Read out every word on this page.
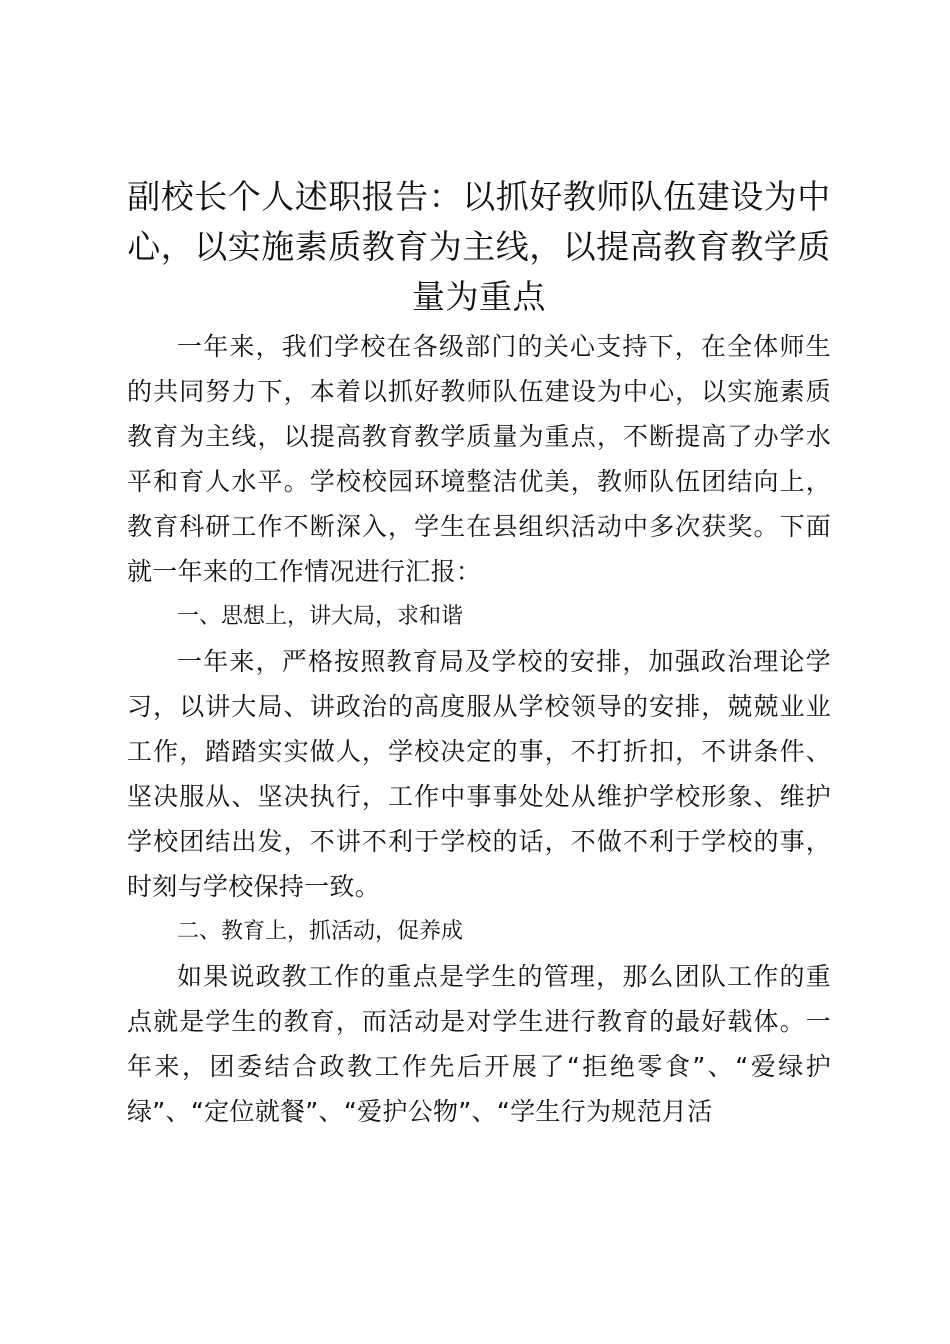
副校长个人述职报告：以抓好教师队伍建设为中心，以实施素质教育为主线，以提高教育教学质量为重点

一年来，我们学校在各级部门的关心支持下，在全体师生的共同努力下，本着以抓好教师队伍建设为中心，以实施素质教育为主线，以提高教育教学质量为重点，不断提高了办学水平和育人水平。学校校园环境整洁优美，教师队伍团结向上，教育科研工作不断深入，学生在县组织活动中多次获奖。下面就一年来的工作情况进行汇报：

一、思想上，讲大局，求和谐

一年来，严格按照教育局及学校的安排，加强政治理论学习，以讲大局、讲政治的高度服从学校领导的安排，兢兢业业工作，踏踏实实做人，学校决定的事，不打折扣，不讲条件、坚决服从、坚决执行，工作中事事处处从维护学校形象、维护学校团结出发，不讲不利于学校的话，不做不利于学校的事，时刻与学校保持一致。

二、教育上，抓活动，促养成

如果说政教工作的重点是学生的管理，那么团队工作的重点就是学生的教育，而活动是对学生进行教育的最好载体。一年来，团委结合政教工作先后开展了“拒绝零食”、“爱绿护绿”、“定位就餐”、“爱护公物”、“学生行为规范月活
